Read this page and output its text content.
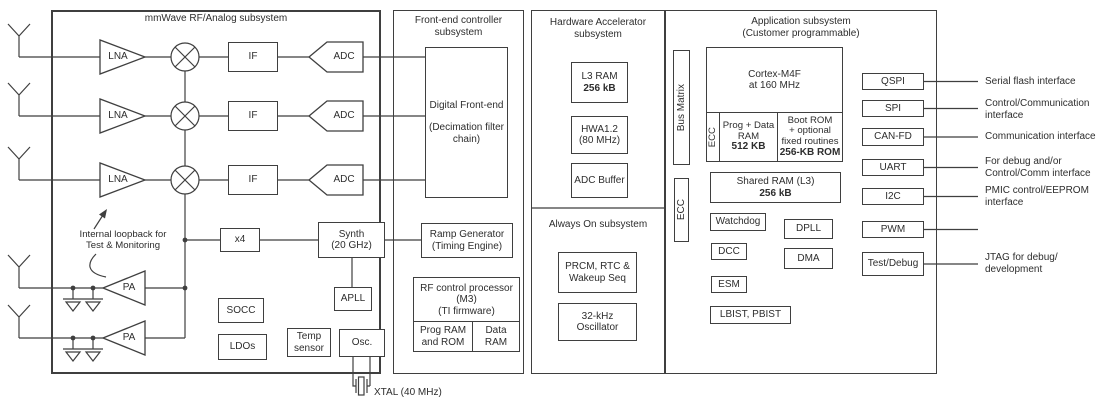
mmWave RF/Analog subsystem	Front-end controller
subsystem
Hardware Accelerator
subsystem
Always On subsystem
Application subsystem
(Customer programmable)
LNA
LNA
LNA
IF
IF
IF
ADC
ADC
ADC
PA
PA
Internal loopback for
Test & Monitoring	x4
Synth
(20 GHz)
APLL
SOCC
LDOs
Temp
sensor	Osc.
XTAL (40 MHz)
Digital Front-end
(Decimation filter
chain)
Ramp Generator
(Timing Engine)
RF control processor
(M3)
(TI firmware)
Prog RAM
and ROM
Data
RAM
L3 RAM
256 kB
HWA1.2
(80 MHz)
ADC Buffer
PRCM, RTC &
Wakeup Seq
32-kHz
Oscillator
Bus Matrix
ECC
Cortex-M4F
at 160 MHz
ECC
Prog + Data
RAM
512 KB
Boot ROM
+ optional
fixed routines
256-KB ROM
Shared RAM (L3)
256 kB
Watchdog
DPLL
DCC
DMA
ESM
LBIST, PBIST
QSPI
SPI
CAN-FD
UART
I2C
PWM
Test/Debug
Serial flash interface
Control/Communication
interface
Communication interface
For debug and/or
Control/Comm interface
PMIC control/EEPROM
interface
JTAG for debug/
development
